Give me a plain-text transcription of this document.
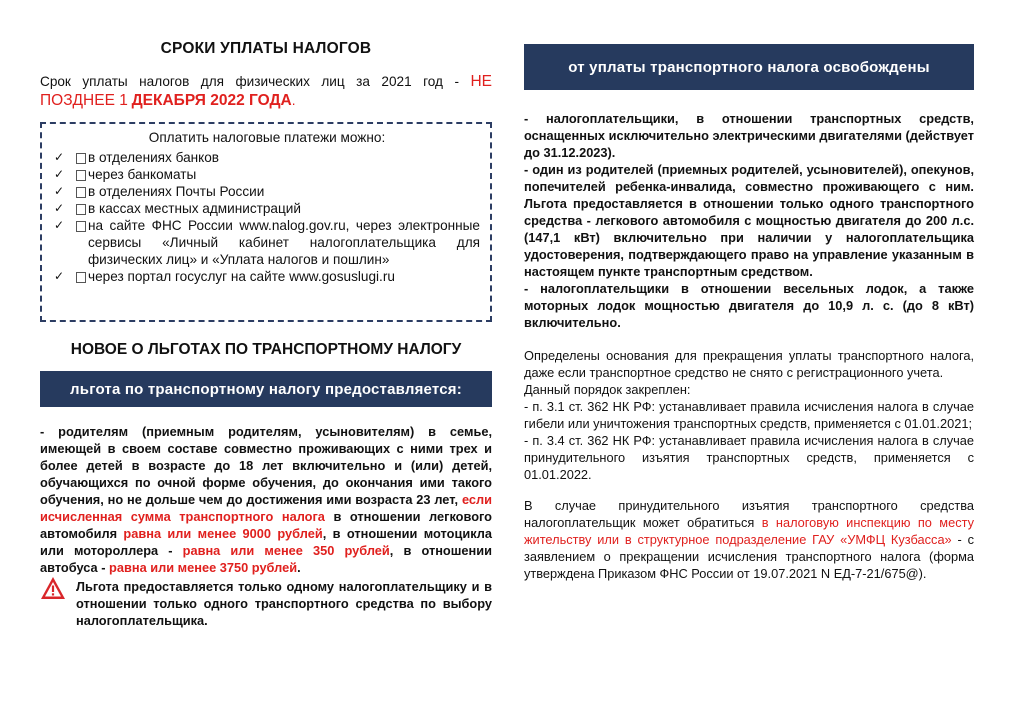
СРОКИ УПЛАТЫ НАЛОГОВ
Срок уплаты налогов для физических лиц за 2021 год - НЕ ПОЗДНЕЕ 1 ДЕКАБРЯ 2022 ГОДА.
Оплатить налоговые платежи можно:
✓	в отделениях банков
✓	через банкоматы
✓	в отделениях Почты России
✓	в кассах местных администраций
✓	на сайте ФНС России www.nalog.gov.ru, через электронные сервисы «Личный кабинет налогоплательщика для физических лиц» и «Уплата налогов и пошлин»
✓	через портал госуслуг на сайте www.gosuslugi.ru
НОВОЕ О ЛЬГОТАХ ПО ТРАНСПОРТНОМУ НАЛОГУ
льгота по транспортному налогу предоставляется:
- родителям (приемным родителям, усыновителям) в семье, имеющей в своем составе совместно проживающих с ними трех и более детей в возрасте до 18 лет включительно и (или) детей, обучающихся по очной форме обучения, до окончания ими такого обучения, но не дольше чем до достижения ими возраста 23 лет, если исчисленная сумма транспортного налога в отношении легкового автомобиля равна или менее 9000 рублей, в отношении мотоцикла или мотороллера - равна или менее 350 рублей, в отношении автобуса - равна или менее 3750 рублей.
Льгота предоставляется только одному налогоплательщику и в отношении только одного транспортного средства по выбору налогоплательщика.
от уплаты транспортного налога освобождены

- налогоплательщики, в отношении транспортных средств, оснащенных исключительно электрическими двигателями (действует до 31.12.2023).

- один из родителей (приемных родителей, усыновителей), опекунов, попечителей ребенка-инвалида, совместно проживающего с ним. Льгота предоставляется в отношении только одного транспортного средства - легкового автомобиля с мощностью двигателя до 200 л.с. (147,1 кВт) включительно при наличии у налогоплательщика удостоверения, подтверждающего право на управление указанным в настоящем пункте транспортным средством.

- налогоплательщики в отношении весельных лодок, а также моторных лодок мощностью двигателя до 10,9 л. с. (до 8 кВт) включительно.

Определены основания для прекращения уплаты транспортного налога, даже если транспортное средство не снято с регистрационного учета.

Данный порядок закреплен:

- п. 3.1 ст. 362 НК РФ: устанавливает правила исчисления налога в случае гибели или уничтожения транспортных средств, применяется с 01.01.2021;

- п. 3.4 ст. 362 НК РФ: устанавливает правила исчисления налога в случае принудительного изъятия транспортных средств, применяется с 01.01.2022.

В случае принудительного изъятия транспортного средства налогоплательщик может обратиться в налоговую инспекцию по месту жительству или в структурное подразделение ГАУ «УМФЦ Кузбасса» - с заявлением о прекращении исчисления транспортного налога (форма утверждена Приказом ФНС России от 19.07.2021 N ЕД-7-21/675@).
